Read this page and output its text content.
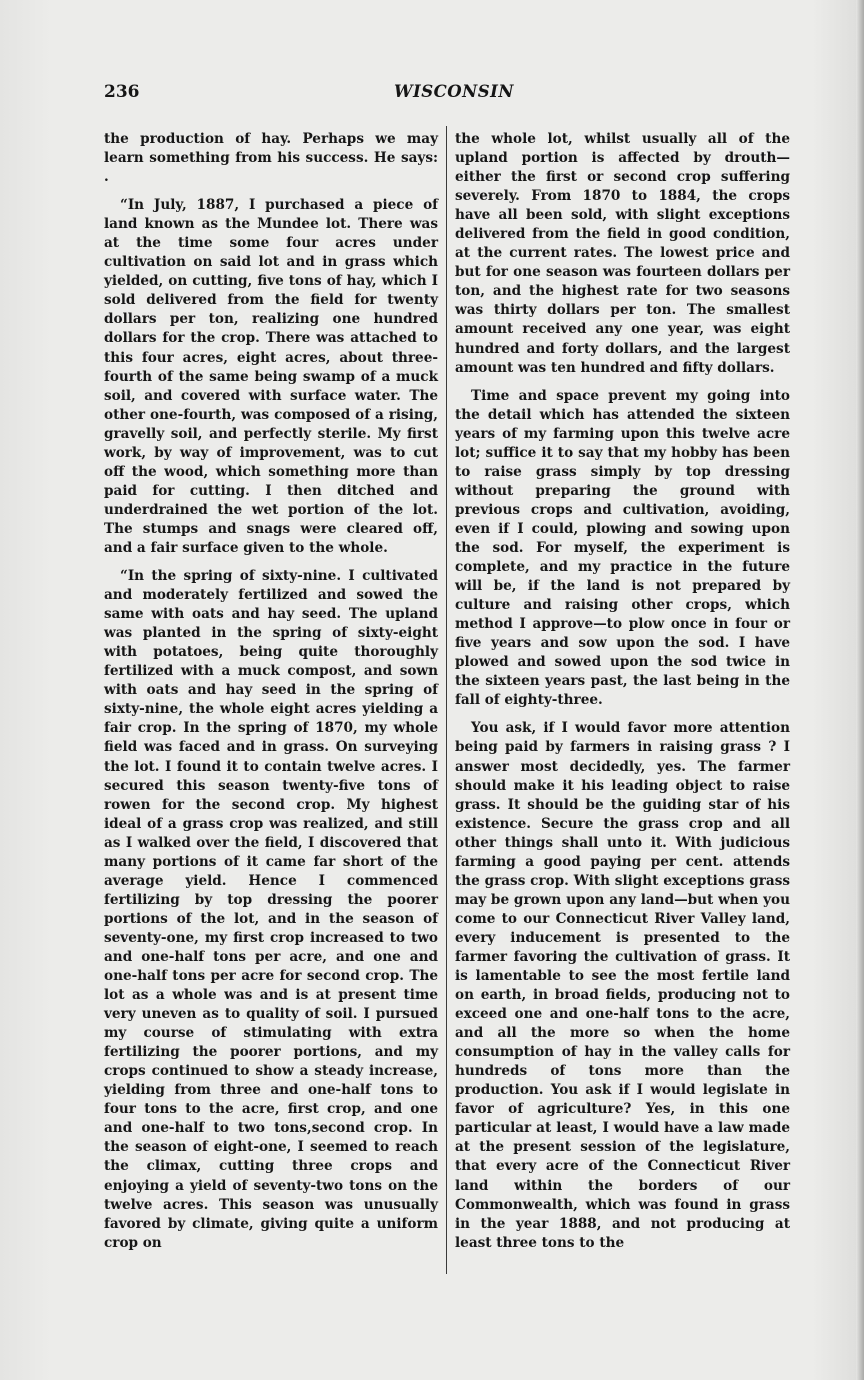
236	WISCONSIN

the production of hay. Perhaps we may learn something from his success. He says: .

“In July, 1887, I purchased a piece of land known as the Mundee lot. There was at the time some four acres under cultivation on said lot and in grass which yielded, on cutting, five tons of hay, which I sold delivered from the field for twenty dollars per ton, realizing one hundred dollars for the crop. There was attached to this four acres, eight acres, about three-fourth of the same being swamp of a muck soil, and covered with surface water. The other one-fourth, was composed of a rising, gravelly soil, and perfectly sterile. My first work, by way of improvement, was to cut off the wood, which something more than paid for cutting. I then ditched and underdrained the wet portion of the lot. The stumps and snags were cleared off, and a fair surface given to the whole.

“In the spring of sixty-nine. I cultivated and moderately fertilized and sowed the same with oats and hay seed. The upland was planted in the spring of sixty-eight with potatoes, being quite thoroughly fertilized with a muck compost, and sown with oats and hay seed in the spring of sixty-nine, the whole eight acres yielding a fair crop. In the spring of 1870, my whole field was faced and in grass. On surveying the lot. I found it to contain twelve acres. I secured this season twenty-five tons of rowen for the second crop. My highest ideal of a grass crop was realized, and still as I walked over the field, I discovered that many portions of it came far short of the average yield. Hence I commenced fertilizing by top dressing the poorer portions of the lot, and in the season of seventy-one, my first crop increased to two and one-half tons per acre, and one and one-half tons per acre for second crop. The lot as a whole was and is at present time very uneven as to quality of soil. I pursued my course of stimulating with extra fertilizing the poorer portions, and my crops continued to show a steady increase, yielding from three and one-half tons to four tons to the acre, first crop, and one and one-half to two tons,second crop. In the season of eight-one, I seemed to reach the climax, cutting three crops and enjoying a yield of seventy-two tons on the twelve acres. This season was unusually favored by climate, giving quite a uniform crop on

the whole lot, whilst usually all of the upland portion is affected by drouth—either the first or second crop suffering severely. From 1870 to 1884, the crops have all been sold, with slight exceptions delivered from the field in good condition, at the current rates. The lowest price and but for one season was fourteen dollars per ton, and the highest rate for two seasons was thirty dollars per ton. The smallest amount received any one year, was eight hundred and forty dollars, and the largest amount was ten hundred and fifty dollars.

Time and space prevent my going into the detail which has attended the sixteen years of my farming upon this twelve acre lot; suffice it to say that my hobby has been to raise grass simply by top dressing without preparing the ground with previous crops and cultivation, avoiding, even if I could, plowing and sowing upon the sod. For myself, the experiment is complete, and my practice in the future will be, if the land is not prepared by culture and raising other crops, which method I approve—to plow once in four or five years and sow upon the sod. I have plowed and sowed upon the sod twice in the sixteen years past, the last being in the fall of eighty-three.

You ask, if I would favor more attention being paid by farmers in raising grass ? I answer most decidedly, yes. The farmer should make it his leading object to raise grass. It should be the guiding star of his existence. Secure the grass crop and all other things shall unto it. With judicious farming a good paying per cent. attends the grass crop. With slight exceptions grass may be grown upon any land—but when you come to our Connecticut River Valley land, every inducement is presented to the farmer favoring the cultivation of grass. It is lamentable to see the most fertile land on earth, in broad fields, producing not to exceed one and one-half tons to the acre, and all the more so when the home consumption of hay in the valley calls for hundreds of tons more than the production. You ask if I would legislate in favor of agriculture? Yes, in this one particular at least, I would have a law made at the present session of the legislature, that every acre of the Connecticut River land within the borders of our Commonwealth, which was found in grass in the year 1888, and not producing at least three tons to the
